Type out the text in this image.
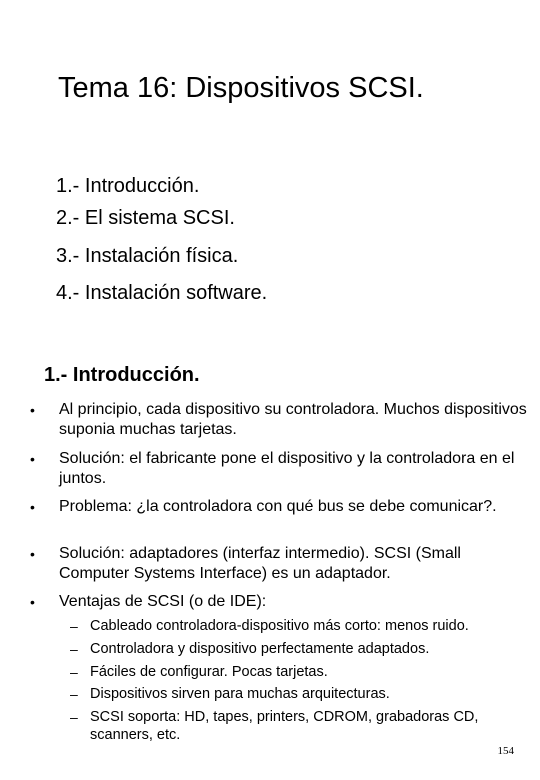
Tema 16: Dispositivos SCSI.
1.- Introducción.
2.- El sistema SCSI.
3.- Instalación física.
4.- Instalación software.
1.- Introducción.
• Al principio, cada dispositivo su controladora. Muchos dispositivos suponia muchas tarjetas.
• Solución: el fabricante pone el dispositivo y la controladora en el juntos.
• Problema: ¿la controladora con qué bus se debe comunicar?.
• Solución: adaptadores (interfaz intermedio). SCSI (Small Computer Systems Interface) es un adaptador.
• Ventajas de SCSI (o de IDE):
– Cableado controladora-dispositivo más corto: menos ruido.
– Controladora y dispositivo perfectamente adaptados.
– Fáciles de configurar. Pocas tarjetas.
– Dispositivos sirven para muchas arquitecturas.
– SCSI soporta: HD, tapes, printers, CDROM, grabadoras CD, scanners, etc.
154
